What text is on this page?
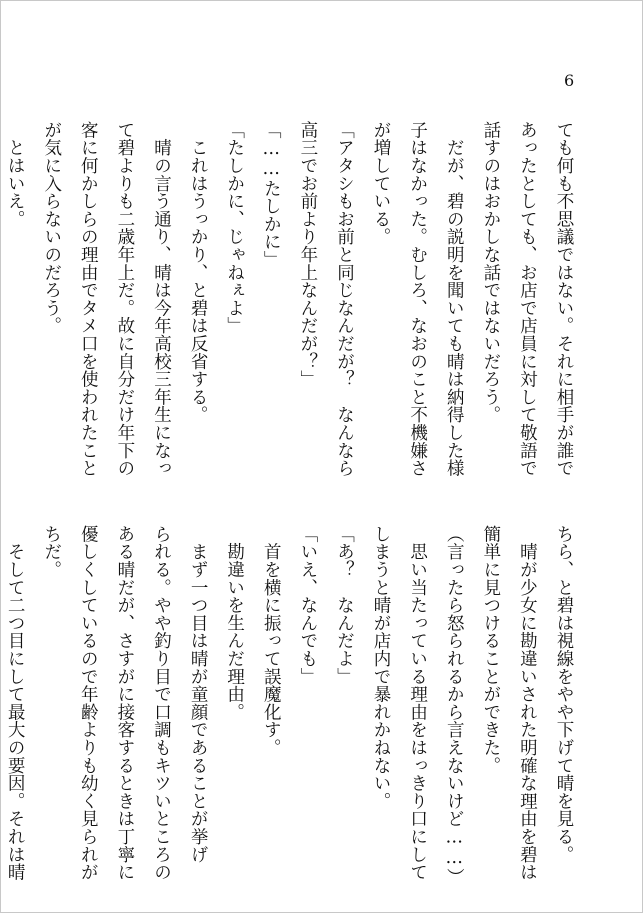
6
ても何も不思議ではない。それに相手が誰で
あったとしても、お店で店員に対して敬語で
話すのはおかしな話ではないだろう。
　だが、碧の説明を聞いても晴は納得した様
子はなかった。むしろ、なおのこと不機嫌さ
が増している。
「アタシもお前と同じなんだが？　なんなら
高三でお前より年上なんだが？」
「……たしかに」
「たしかに、じゃねぇよ」
　これはうっかり、と碧は反省する。
　晴の言う通り、晴は今年高校三年生になっ
て碧よりも二歳年上だ。故に自分だけ年下の
客に何かしらの理由でタメ口を使われたこと
が気に入らないのだろう。
　とはいえ。
ちら、と碧は視線をやや下げて晴を見る。
　晴が少女に勘違いされた明確な理由を碧は
簡単に見つけることができた。
（言ったら怒られるから言えないけど……）
　思い当たっている理由をはっきり口にして
しまうと晴が店内で暴れかねない。
「あ？　なんだよ」
「いえ、なんでも」
　首を横に振って誤魔化す。
　勘違いを生んだ理由。
　まず一つ目は晴が童顔であることが挙げ
られる。やや釣り目で口調もキツいところの
ある晴だが、さすがに接客するときは丁寧に
優しくしているので年齢よりも幼く見られが
ちだ。
　そして二つ目にして最大の要因。それは晴
